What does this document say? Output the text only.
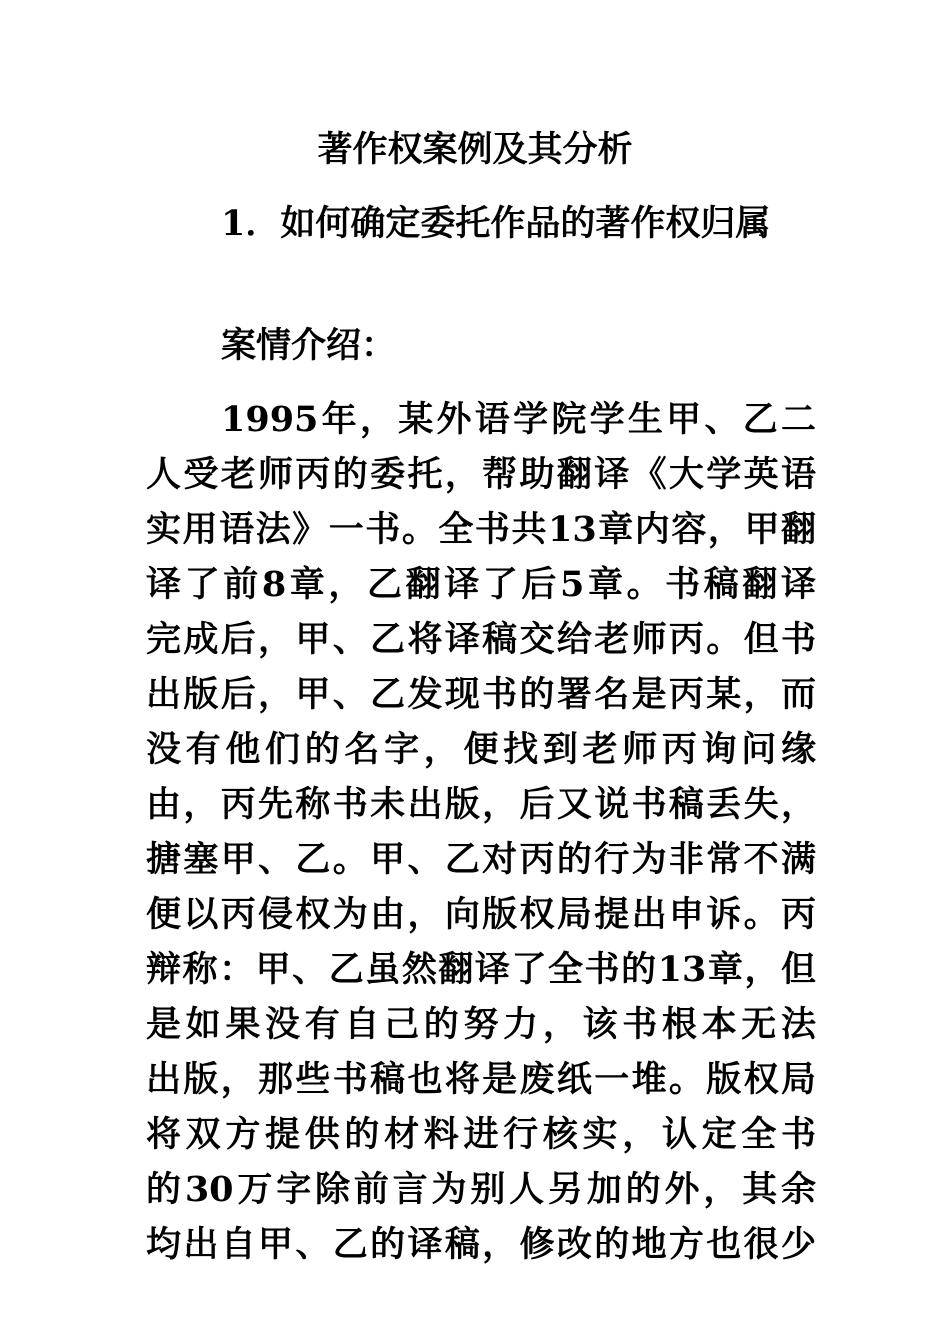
著作权案例及其分析
1．如何确定委托作品的著作权归属
案情介绍：
1995年，某外语学院学生甲、乙二
人受老师丙的委托，帮助翻译《大学英语
实用语法》一书。全书共13章内容，甲翻
译了前8章，乙翻译了后5章。书稿翻译
完成后，甲、乙将译稿交给老师丙。但书
出版后，甲、乙发现书的署名是丙某，而
没有他们的名字，便找到老师丙询问缘
由，丙先称书未出版，后又说书稿丢失，
搪塞甲、乙。甲、乙对丙的行为非常不满
便以丙侵权为由，向版权局提出申诉。丙
辩称：甲、乙虽然翻译了全书的13章，但
是如果没有自己的努力，该书根本无法
出版，那些书稿也将是废纸一堆。版权局
将双方提供的材料进行核实，认定全书
的30万字除前言为别人另加的外，其余
均出自甲、乙的译稿，修改的地方也很少
